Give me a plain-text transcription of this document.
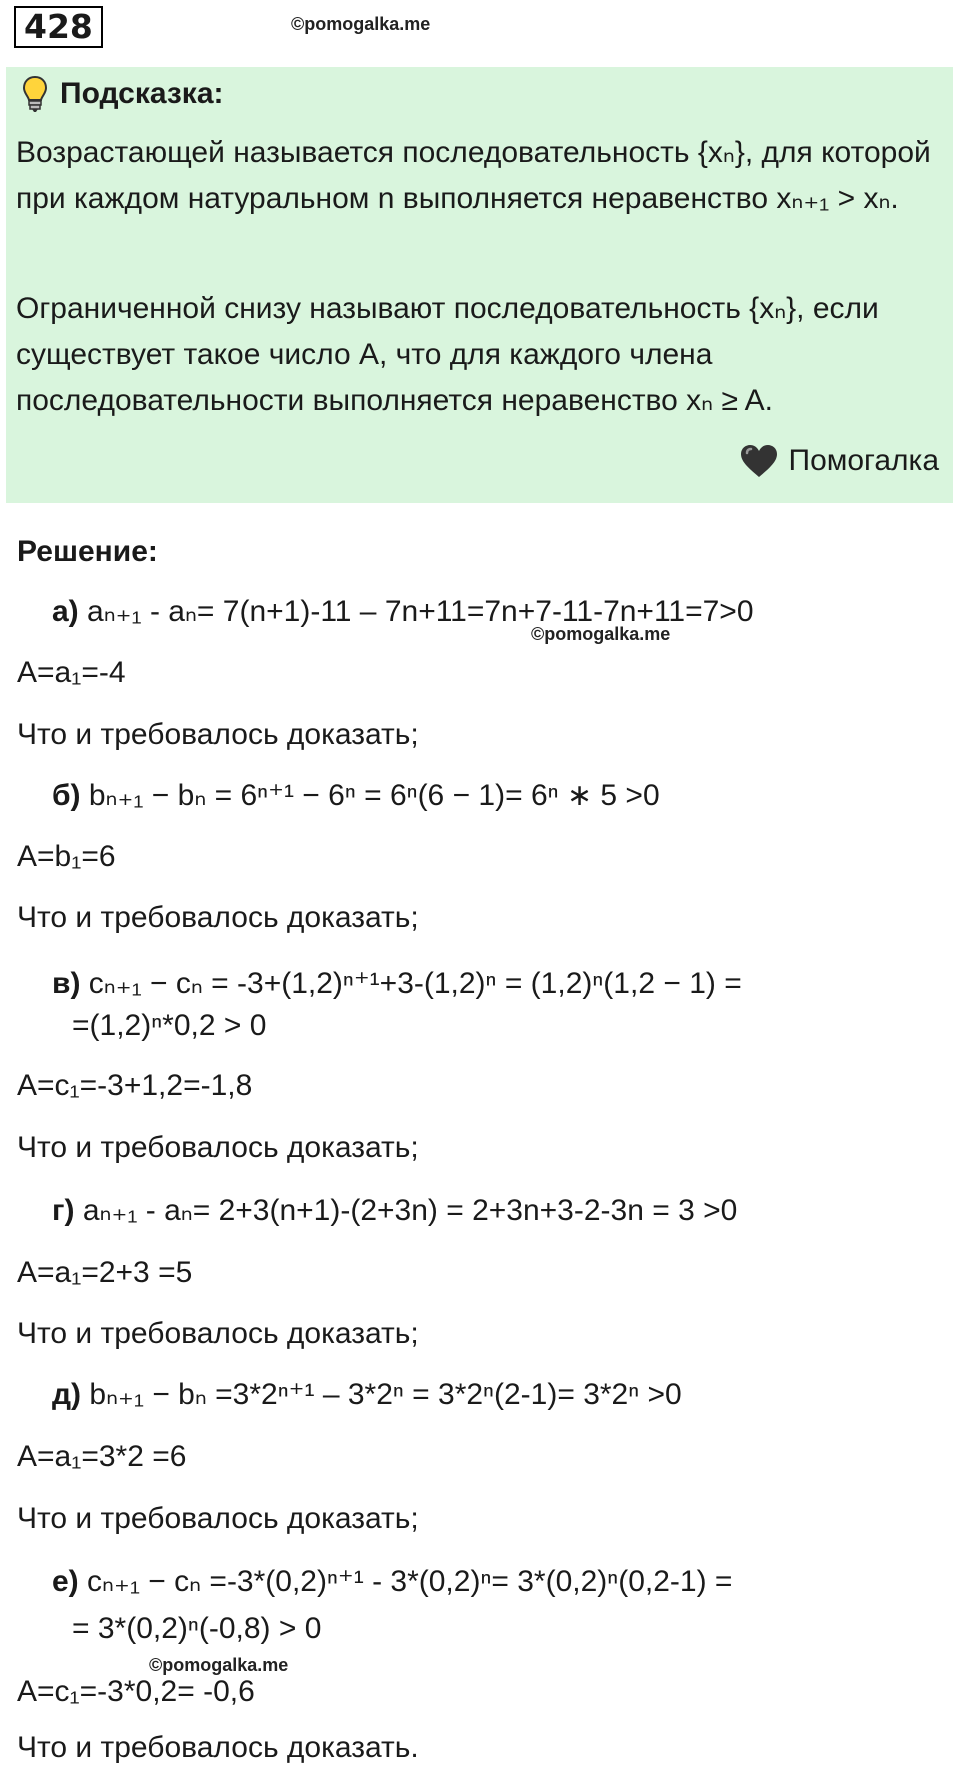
428	©pomogalka.me
Подсказка:
Возрастающей называется последовательность {xₙ}, для которой при каждом натуральном n выполняется неравенство xₙ₊₁ > xₙ.
Ограниченной снизу называют последовательность {xₙ}, если существует такое число A, что для каждого члена последовательности выполняется неравенство xₙ ≥ A.
Помогалка
Решение:
а) aₙ₊₁ - aₙ= 7(n+1)-11 – 7n+11=7n+7-11-7n+11=7>0
©pomogalka.me
A=a₁=-4
Что и требовалось доказать;
б) bₙ₊₁ − bₙ = 6ⁿ⁺¹ − 6ⁿ = 6ⁿ(6 − 1)= 6ⁿ ∗ 5 >0
A=b₁=6
Что и требовалось доказать;
в) cₙ₊₁ − cₙ = -3+(1,2)ⁿ⁺¹+3-(1,2)ⁿ = (1,2)ⁿ(1,2 − 1) =
=(1,2)ⁿ*0,2 > 0
A=c₁=-3+1,2=-1,8
Что и требовалось доказать;
г) aₙ₊₁ - aₙ= 2+3(n+1)-(2+3n) = 2+3n+3-2-3n = 3 >0
A=a₁=2+3 =5
Что и требовалось доказать;
д) bₙ₊₁ − bₙ =3*2ⁿ⁺¹ – 3*2ⁿ = 3*2ⁿ(2-1)= 3*2ⁿ >0
A=a₁=3*2 =6
Что и требовалось доказать;
е) cₙ₊₁ − cₙ =-3*(0,2)ⁿ⁺¹ - 3*(0,2)ⁿ= 3*(0,2)ⁿ(0,2-1) =
= 3*(0,2)ⁿ(-0,8) > 0
©pomogalka.me
A=c₁=-3*0,2= -0,6
Что и требовалось доказать.
